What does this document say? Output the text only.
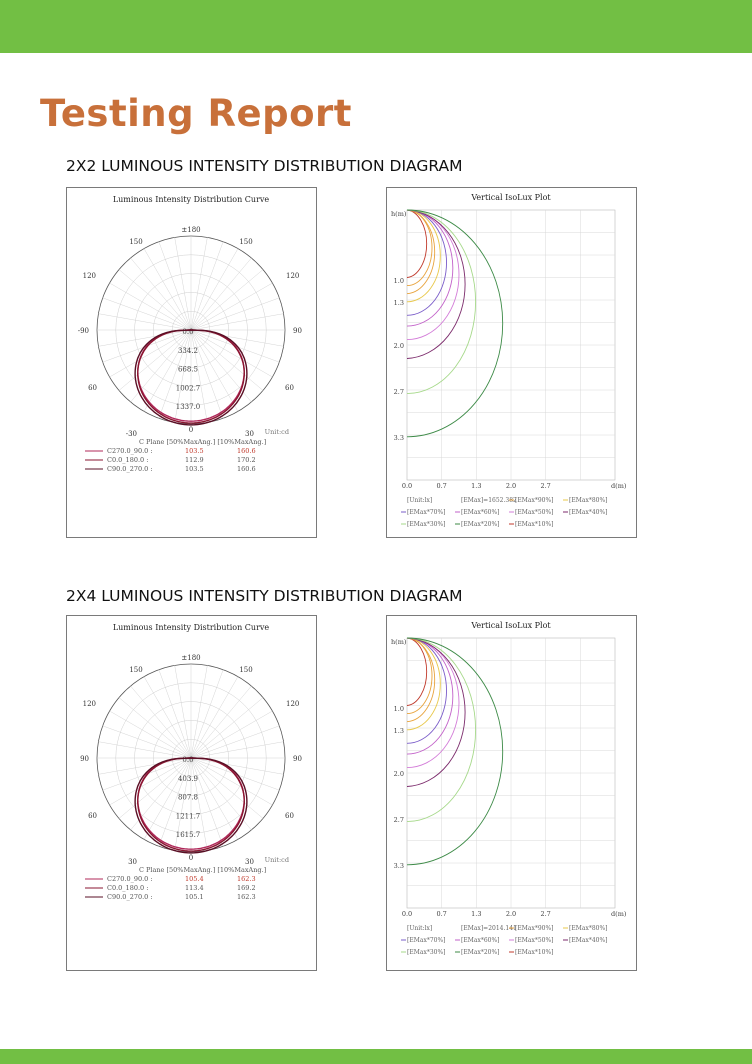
Testing Report
2X2 LUMINOUS INTENSITY DISTRIBUTION DIAGRAM
Luminous Intensity Distribution Curve
±180
150	150
120	120
-90	90
60	60
-30	30
0
0.0
334.2
668.5
1002.7
1337.0
Unit:cd
C Plane [50%MaxAng.] [10%MaxAng.]
C270.0_90.0 :	103.5	160.6
C0.0_180.0 :	112.9	170.2
C90.0_270.0 :	103.5	160.6
Vertical IsoLux Plot
h(m)
d(m)
1.0
1.3
2.0
2.7
3.3
0.0	0.7	1.3	2.0	2.7
[Unit:lx]	[EMax]=1652.382
[EMax*90%]	[EMax*80%]
[EMax*70%]	[EMax*60%]	[EMax*50%]	[EMax*40%]
[EMax*30%]	[EMax*20%]	[EMax*10%]
2X4 LUMINOUS INTENSITY DISTRIBUTION DIAGRAM
Luminous Intensity Distribution Curve
±180
150	150
120	120
90	90
60	60
30	30
0
0.0
403.9
807.8
1211.7
1615.7
Unit:cd
C Plane [50%MaxAng.] [10%MaxAng.]
C270.0_90.0 :	105.4	162.3
C0.0_180.0 :	113.4	169.2
C90.0_270.0 :	105.1	162.3
Vertical IsoLux Plot
h(m)
d(m)
1.0
1.3
2.0
2.7
3.3
0.0	0.7	1.3	2.0	2.7
[Unit:lx]	[EMax]=2014.141
[EMax*90%]	[EMax*80%]
[EMax*70%]	[EMax*60%]	[EMax*50%]	[EMax*40%]
[EMax*30%]	[EMax*20%]	[EMax*10%]
